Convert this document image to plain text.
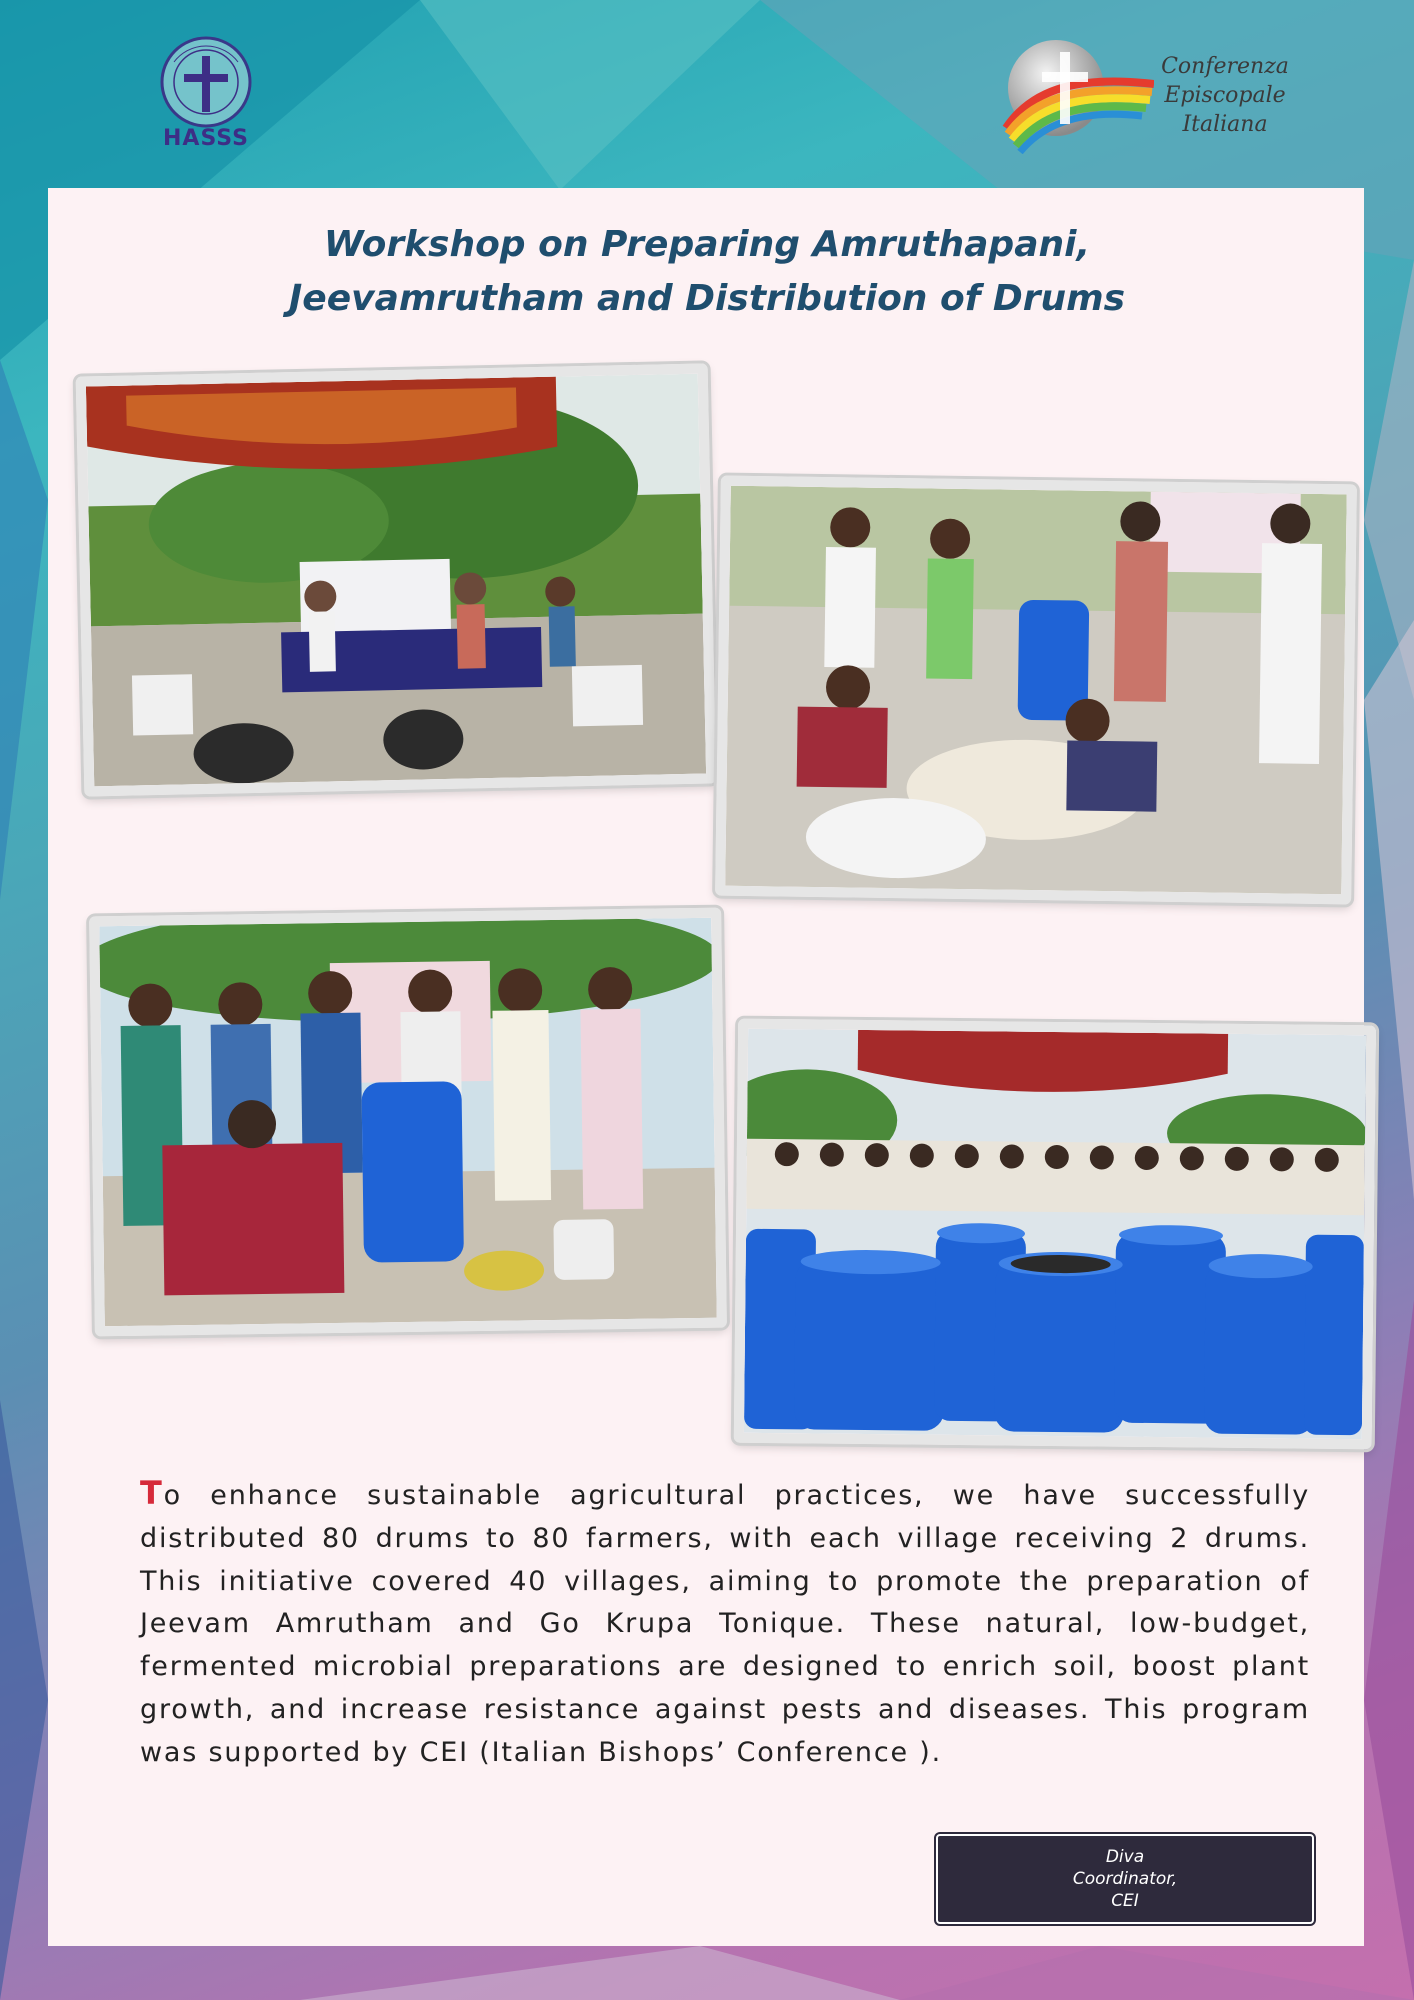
HASSS
Conferenza
Episcopale
Italiana
Workshop on Preparing Amruthapani,
Jeevamrutham and Distribution of Drums
To enhance sustainable agricultural practices, we have successfully distributed 80 drums to 80 farmers, with each village receiving 2 drums. This initiative covered 40 villages, aiming to promote the preparation of Jeevam Amrutham and Go Krupa Tonique. These natural, low-budget, fermented microbial preparations are designed to enrich soil, boost plant growth, and increase resistance against pests and diseases. This program was supported by CEI (Italian Bishops’ Conference ).
Diva
Coordinator,
CEI
